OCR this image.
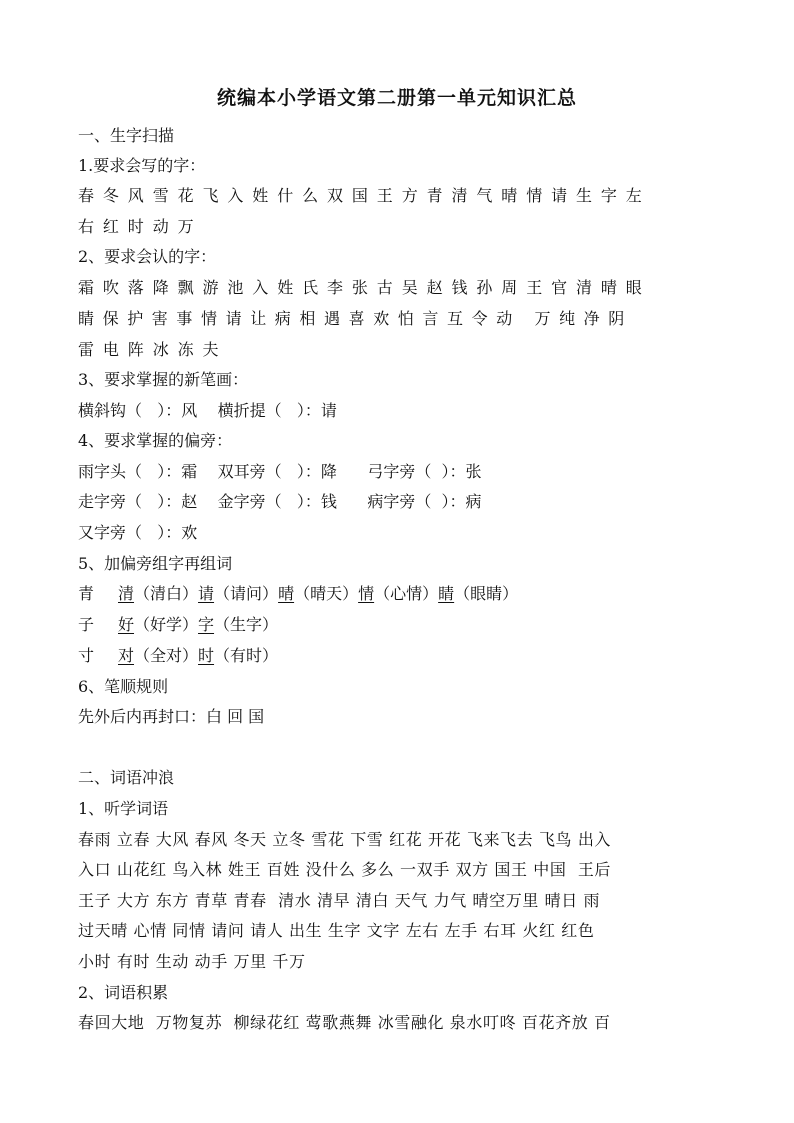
统编本小学语文第二册第一单元知识汇总
一、生字扫描
1.要求会写的字：
春冬风雪花飞入姓什么双国王方青清气晴情请生字左
右红时动万
2、要求会认的字：
霜吹落降飘游池入姓氏李张古吴赵钱孙周王官清晴眼
睛保护害事情请让病相遇喜欢怕言互令动 万纯净阴
雷电阵冰冻夫
3、要求掌握的新笔画：
横斜钩（   ）：风    横折提（   ）：请
4、要求掌握的偏旁：
雨字头（   ）：霜    双耳旁（   ）：降      弓字旁（  ）：张
走字旁（   ）：赵    金字旁（   ）：钱      病字旁（  ）：病
又字旁（   ）：欢
5、加偏旁组字再组词
青 清（清白）请（请问）晴（晴天）情（心情）睛（眼睛）
子 好（好学）字（生字）
寸 对（全对）时（有时）
6、笔顺规则
先外后内再封口：白 回 国
二、词语冲浪
1、听学词语
春雨 立春 大风 春风 冬天 立冬 雪花 下雪 红花 开花 飞来飞去 飞鸟 出入
入口 山花红 鸟入林 姓王 百姓 没什么 多么 一双手 双方 国王 中国  王后
王子 大方 东方 青草 青春  清水 清早 清白 天气 力气 晴空万里 晴日 雨
过天晴 心情 同情 请问 请人 出生 生字 文字 左右 左手 右耳 火红 红色
小时 有时 生动 动手 万里 千万
2、词语积累
春回大地  万物复苏  柳绿花红 莺歌燕舞 冰雪融化 泉水叮咚 百花齐放 百
